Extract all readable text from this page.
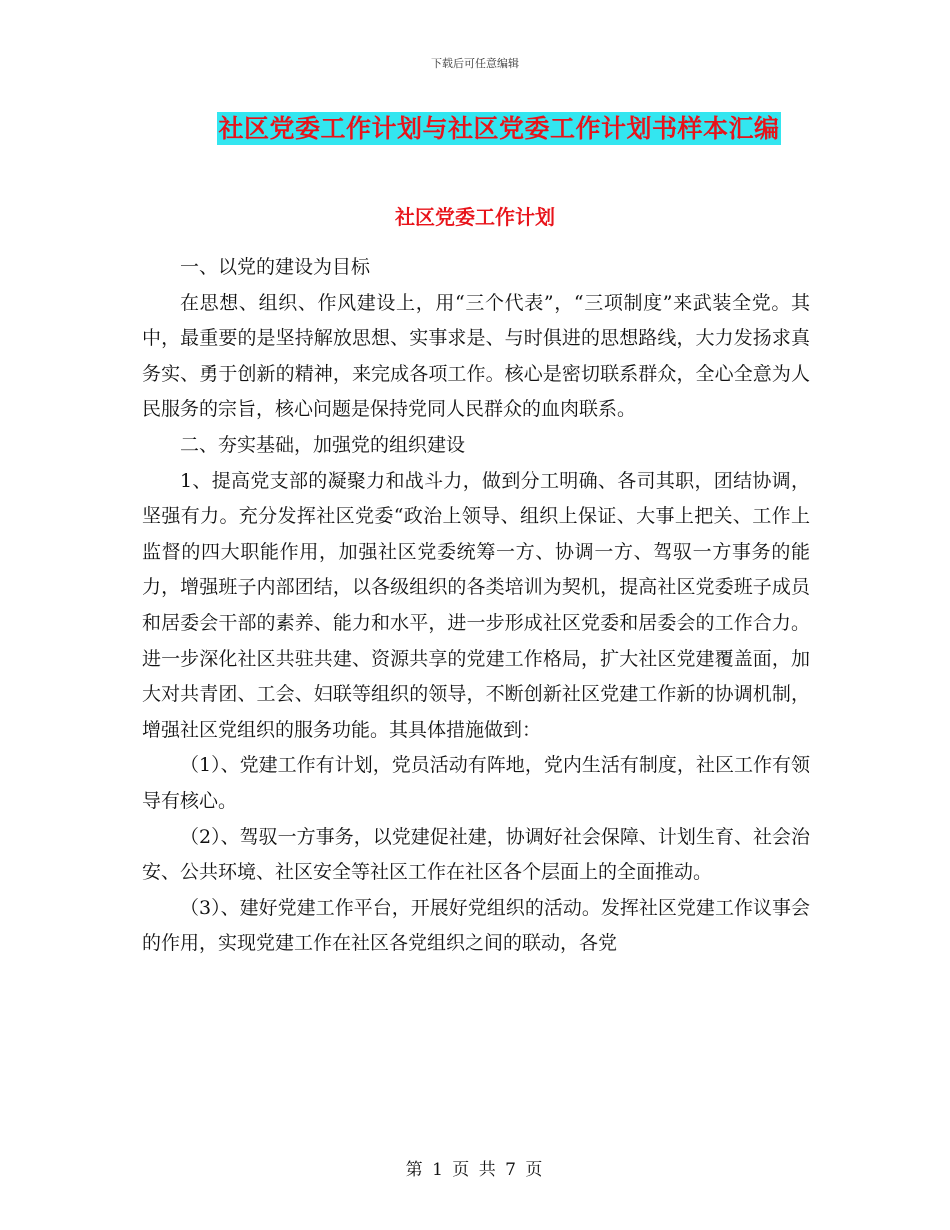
下载后可任意编辑
社区党委工作计划与社区党委工作计划书样本汇编
社区党委工作计划

一、以党的建设为目标

在思想、组织、作风建设上，用“三个代表”，“三项制度”来武装全党。其中，最重要的是坚持解放思想、实事求是、与时俱进的思想路线，大力发扬求真务实、勇于创新的精神，来完成各项工作。核心是密切联系群众，全心全意为人民服务的宗旨，核心问题是保持党同人民群众的血肉联系。

二、夯实基础，加强党的组织建设

1、提高党支部的凝聚力和战斗力，做到分工明确、各司其职，团结协调，坚强有力。充分发挥社区党委“政治上领导、组织上保证、大事上把关、工作上监督的四大职能作用，加强社区党委统筹一方、协调一方、驾驭一方事务的能力，增强班子内部团结，以各级组织的各类培训为契机，提高社区党委班子成员和居委会干部的素养、能力和水平，进一步形成社区党委和居委会的工作合力。进一步深化社区共驻共建、资源共享的党建工作格局，扩大社区党建覆盖面，加大对共青团、工会、妇联等组织的领导，不断创新社区党建工作新的协调机制，增强社区党组织的服务功能。其具体措施做到：

（1）、党建工作有计划，党员活动有阵地，党内生活有制度，社区工作有领导有核心。

（2）、驾驭一方事务，以党建促社建，协调好社会保障、计划生育、社会治安、公共环境、社区安全等社区工作在社区各个层面上的全面推动。

（3）、建好党建工作平台，开展好党组织的活动。发挥社区党建工作议事会的作用，实现党建工作在社区各党组织之间的联动，各党

第 1 页 共 7 页
